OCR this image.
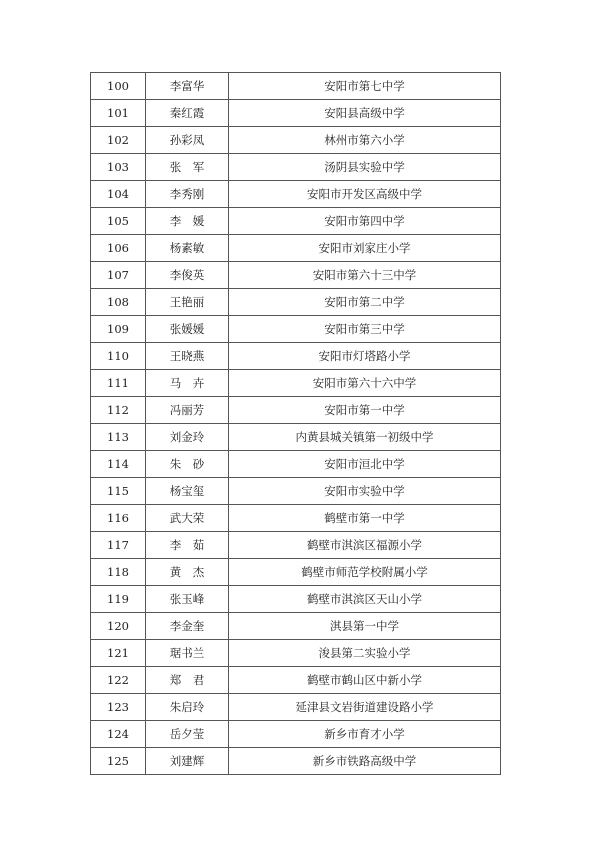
100	李富华	安阳市第七中学
101	秦红霞	安阳县高级中学
102	孙彩凤	林州市第六小学
103	张　军	汤阴县实验中学
104	李秀刚	安阳市开发区高级中学
105	李　媛	安阳市第四中学
106	杨素敏	安阳市刘家庄小学
107	李俊英	安阳市第六十三中学
108	王艳丽	安阳市第二中学
109	张媛媛	安阳市第三中学
110	王晓燕	安阳市灯塔路小学
111	马　卉	安阳市第六十六中学
112	冯丽芳	安阳市第一中学
113	刘金玲	内黄县城关镇第一初级中学
114	朱　砂	安阳市洹北中学
115	杨宝玺	安阳市实验中学
116	武大荣	鹤壁市第一中学
117	李　茹	鹤壁市淇滨区福源小学
118	黄　杰	鹤壁市师范学校附属小学
119	张玉峰	鹤壁市淇滨区天山小学
120	李金奎	淇县第一中学
121	琚书兰	浚县第二实验小学
122	郑　君	鹤壁市鹤山区中新小学
123	朱启玲	延津县文岩街道建设路小学
124	岳夕莹	新乡市育才小学
125	刘建辉	新乡市铁路高级中学
